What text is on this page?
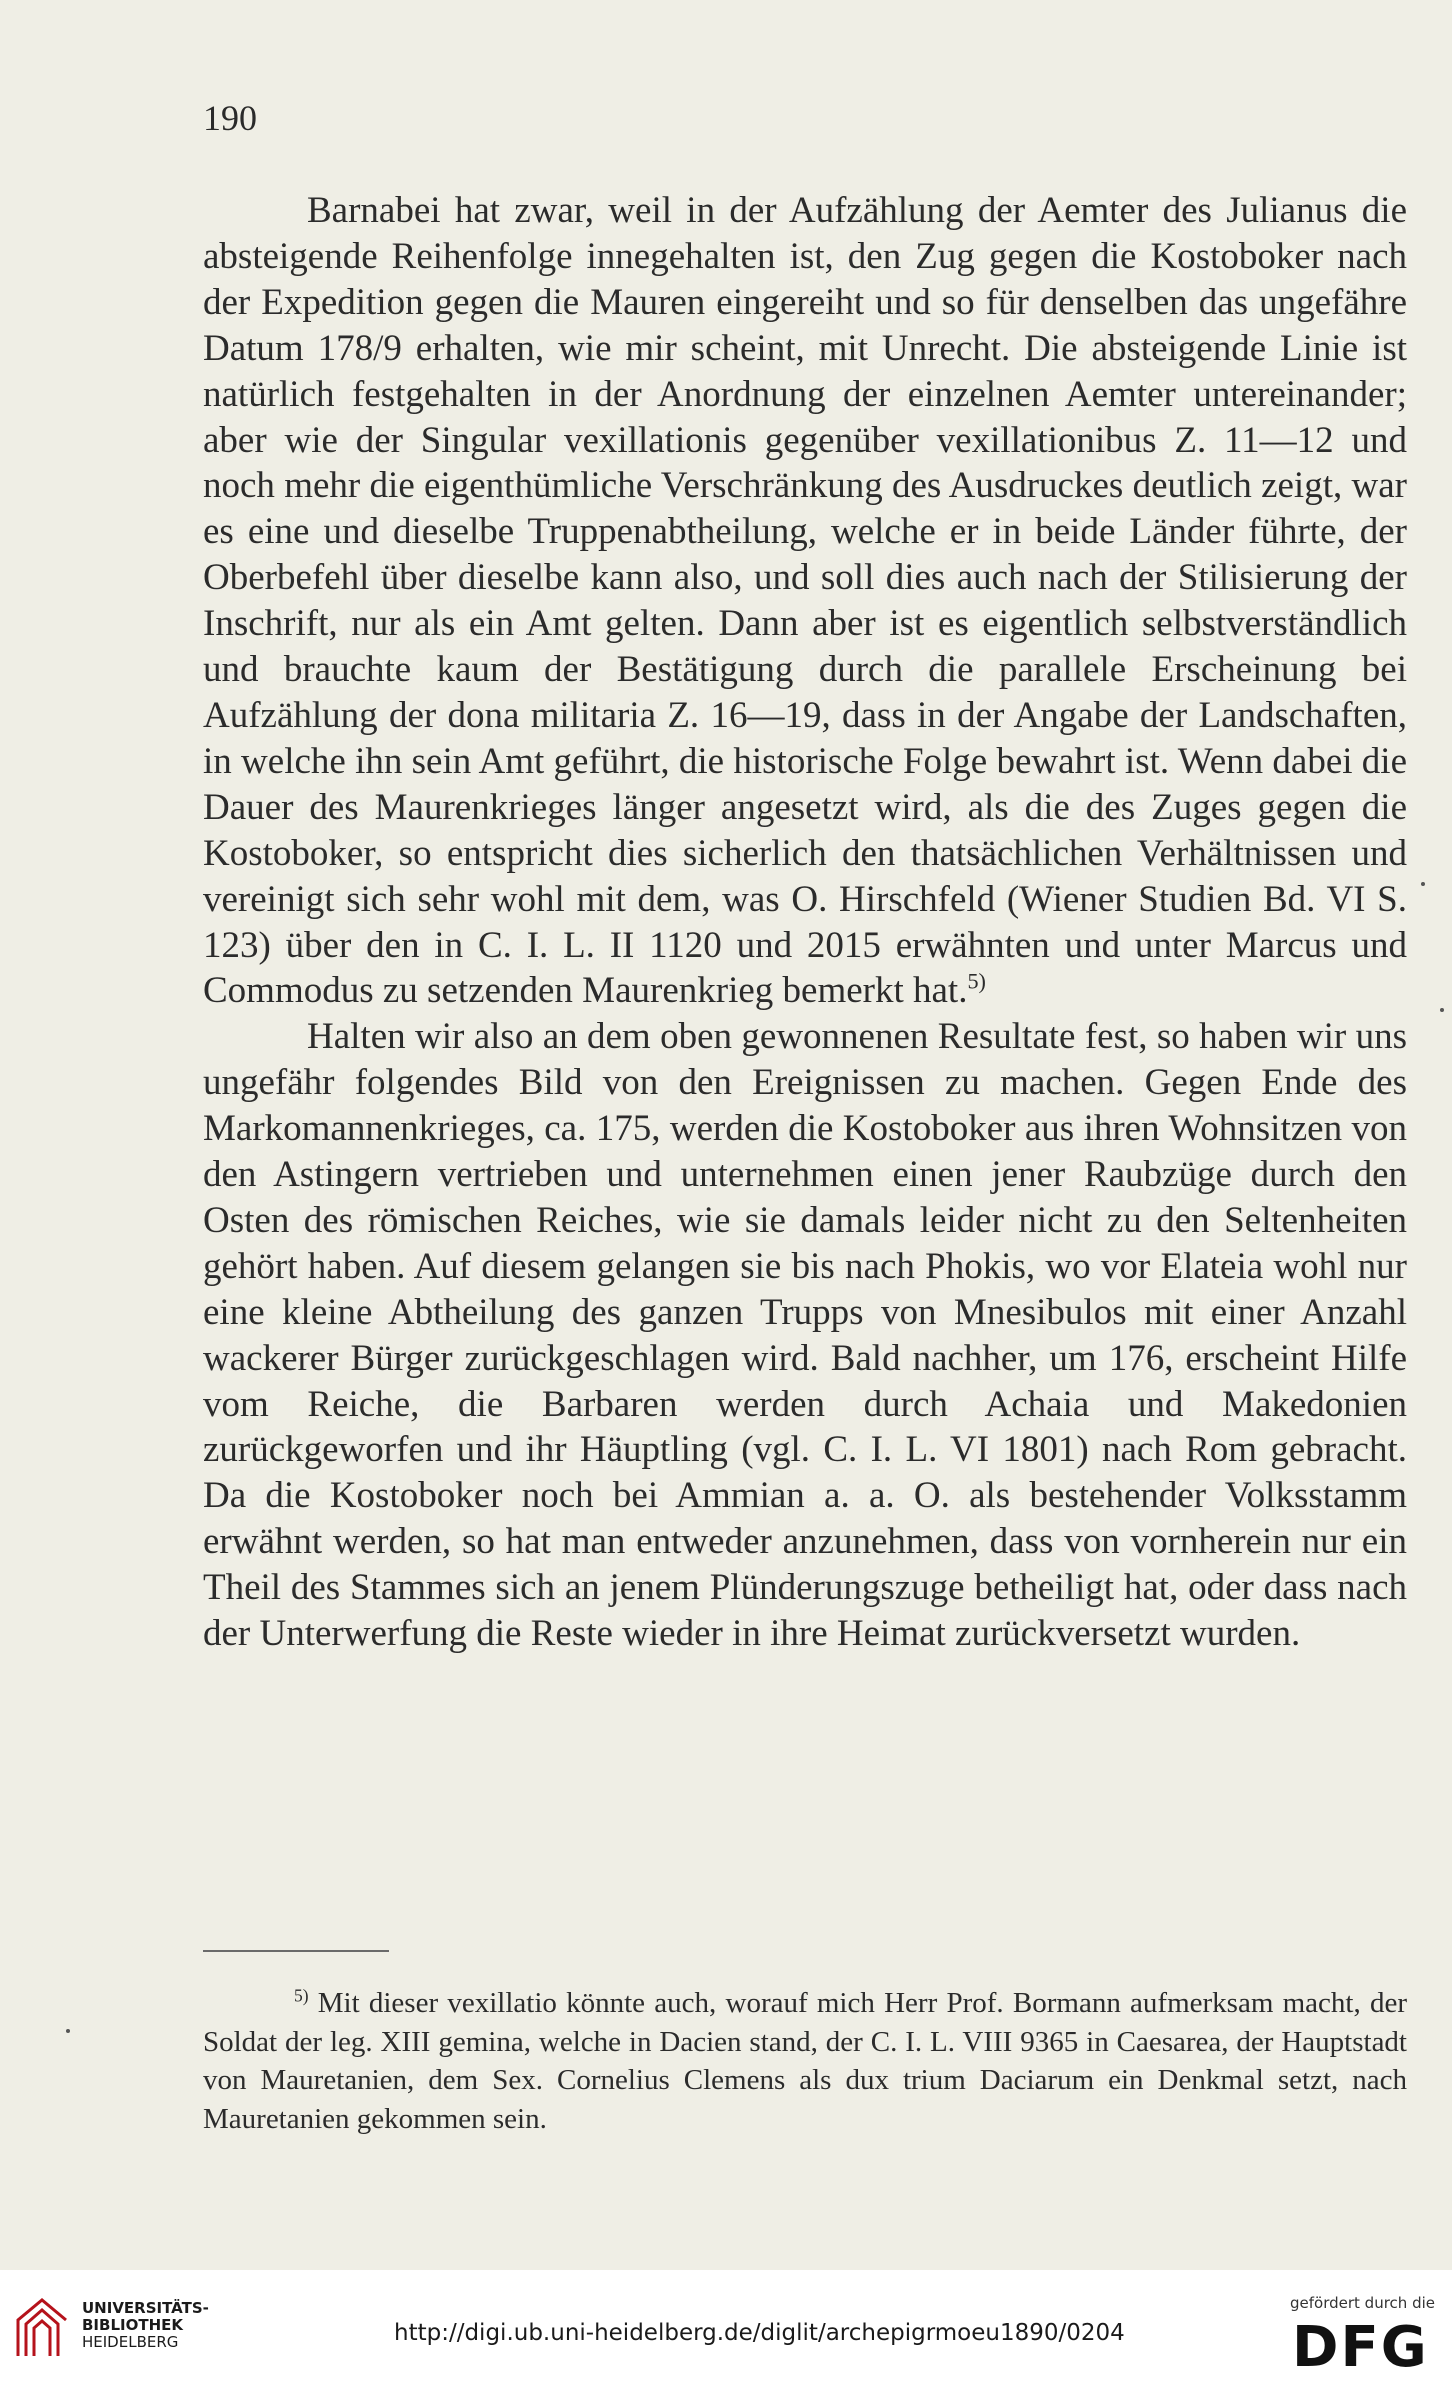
190

Barnabei hat zwar, weil in der Aufzählung der Aemter des Julianus die absteigende Reihenfolge innegehalten ist, den Zug gegen die Kostoboker nach der Expedition gegen die Mauren eingereiht und so für denselben das ungefähre Datum 178/9 erhalten, wie mir scheint, mit Unrecht. Die absteigende Linie ist natürlich festgehalten in der Anordnung der einzelnen Aemter untereinander; aber wie der Singular vexillationis gegenüber vexillationibus Z. 11—12 und noch mehr die eigenthümliche Verschränkung des Ausdruckes deutlich zeigt, war es eine und dieselbe Truppenabtheilung, welche er in beide Länder führte, der Oberbefehl über dieselbe kann also, und soll dies auch nach der Stilisierung der Inschrift, nur als ein Amt gelten. Dann aber ist es eigentlich selbstverständlich und brauchte kaum der Bestätigung durch die parallele Erscheinung bei Aufzählung der dona militaria Z. 16—19, dass in der Angabe der Landschaften, in welche ihn sein Amt geführt, die historische Folge bewahrt ist. Wenn dabei die Dauer des Maurenkrieges länger angesetzt wird, als die des Zuges gegen die Kostoboker, so entspricht dies sicherlich den thatsächlichen Verhältnissen und vereinigt sich sehr wohl mit dem, was O. Hirschfeld (Wiener Studien Bd. VI S. 123) über den in C. I. L. II 1120 und 2015 erwähnten und unter Marcus und Commodus zu setzenden Maurenkrieg bemerkt hat.$^{5)}$

Halten wir also an dem oben gewonnenen Resultate fest, so haben wir uns ungefähr folgendes Bild von den Ereignissen zu machen. Gegen Ende des Markomannenkrieges, ca. 175, werden die Kostoboker aus ihren Wohnsitzen von den Astingern vertrieben und unternehmen einen jener Raubzüge durch den Osten des römischen Reiches, wie sie damals leider nicht zu den Seltenheiten gehört haben. Auf diesem gelangen sie bis nach Phokis, wo vor Elateia wohl nur eine kleine Abtheilung des ganzen Trupps von Mnesibulos mit einer Anzahl wackerer Bürger zurückgeschlagen wird. Bald nachher, um 176, erscheint Hilfe vom Reiche, die Barbaren werden durch Achaia und Makedonien zurückgeworfen und ihr Häuptling (vgl. C. I. L. VI 1801) nach Rom gebracht. Da die Kostoboker noch bei Ammian a. a. O. als bestehender Volksstamm erwähnt werden, so hat man entweder anzunehmen, dass von vornherein nur ein Theil des Stammes sich an jenem Plünderungszuge betheiligt hat, oder dass nach der Unterwerfung die Reste wieder in ihre Heimat zurückversetzt wurden.

$^{5)}$ Mit dieser vexillatio könnte auch, worauf mich Herr Prof. Bormann aufmerksam macht, der Soldat der leg. XIII gemina, welche in Dacien stand, der C. I. L. VIII 9365 in Caesarea, der Hauptstadt von Mauretanien, dem Sex. Cornelius Clemens als dux trium Daciarum ein Denkmal setzt, nach Mauretanien gekommen sein.

UNIVERSITÄTS-
BIBLIOTHEK
HEIDELBERG	http://digi.ub.uni-heidelberg.de/diglit/archepigrmoeu1890/0204
gefördert durch die
DFG
